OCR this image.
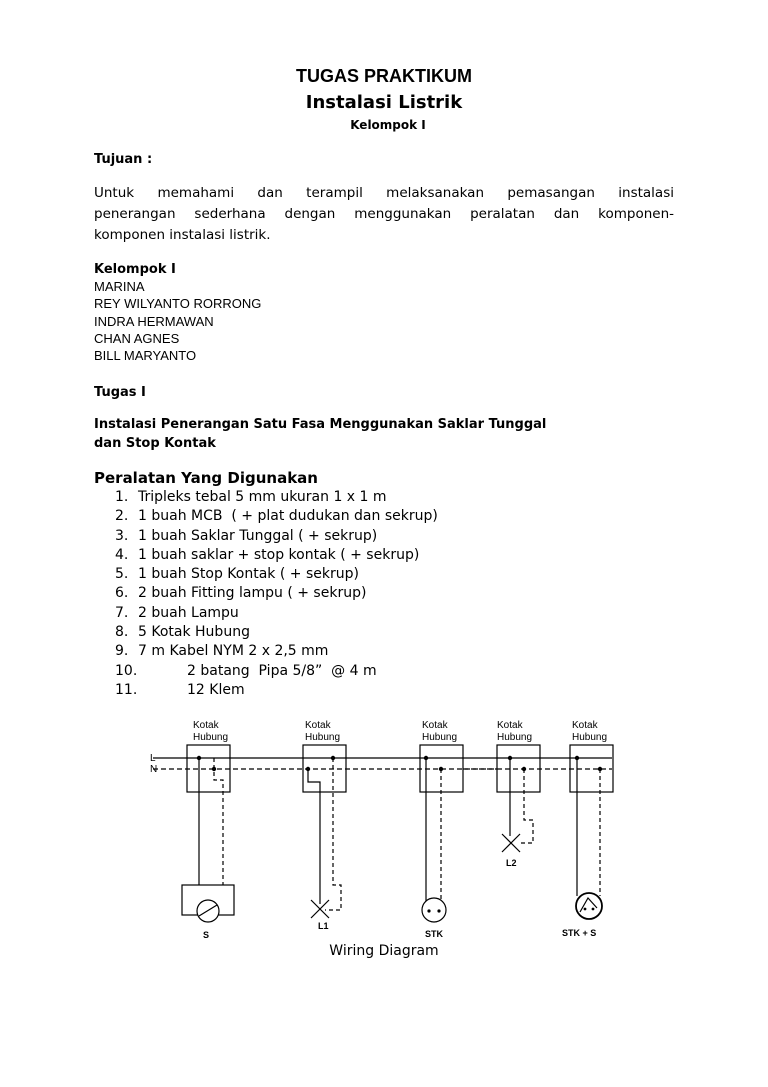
TUGAS PRAKTIKUM
Instalasi Listrik
Kelompok I
Tujuan :
Untuk memahami dan terampil melaksanakan pemasangan instalasi
penerangan sederhana dengan menggunakan peralatan dan komponen-
komponen instalasi listrik.
Kelompok I
MARINA
REY WILYANTO RORRONG
INDRA HERMAWAN
CHAN AGNES
BILL MARYANTO
Tugas I
Instalasi Penerangan Satu Fasa Menggunakan Saklar Tunggal
dan Stop Kontak
Peralatan Yang Digunakan
1. Tripleks tebal 5 mm ukuran 1 x 1 m
2. 1 buah MCB  ( + plat dudukan dan sekrup)
3. 1 buah Saklar Tunggal ( + sekrup)
4. 1 buah saklar + stop kontak ( + sekrup)
5. 1 buah Stop Kontak ( + sekrup)
6. 2 buah Fitting lampu ( + sekrup)
7. 2 buah Lampu
8. 5 Kotak Hubung
9. 7 m Kabel NYM 2 x 2,5 mm
10.	2 batang  Pipa 5/8”  @ 4 m
11.	12 Klem
Kotak
Hubung
Kotak
Hubung
Kotak
Hubung
Kotak
Hubung
Kotak
Hubung
L
N
S
L1
STK
L2
STK + S
Wiring Diagram
